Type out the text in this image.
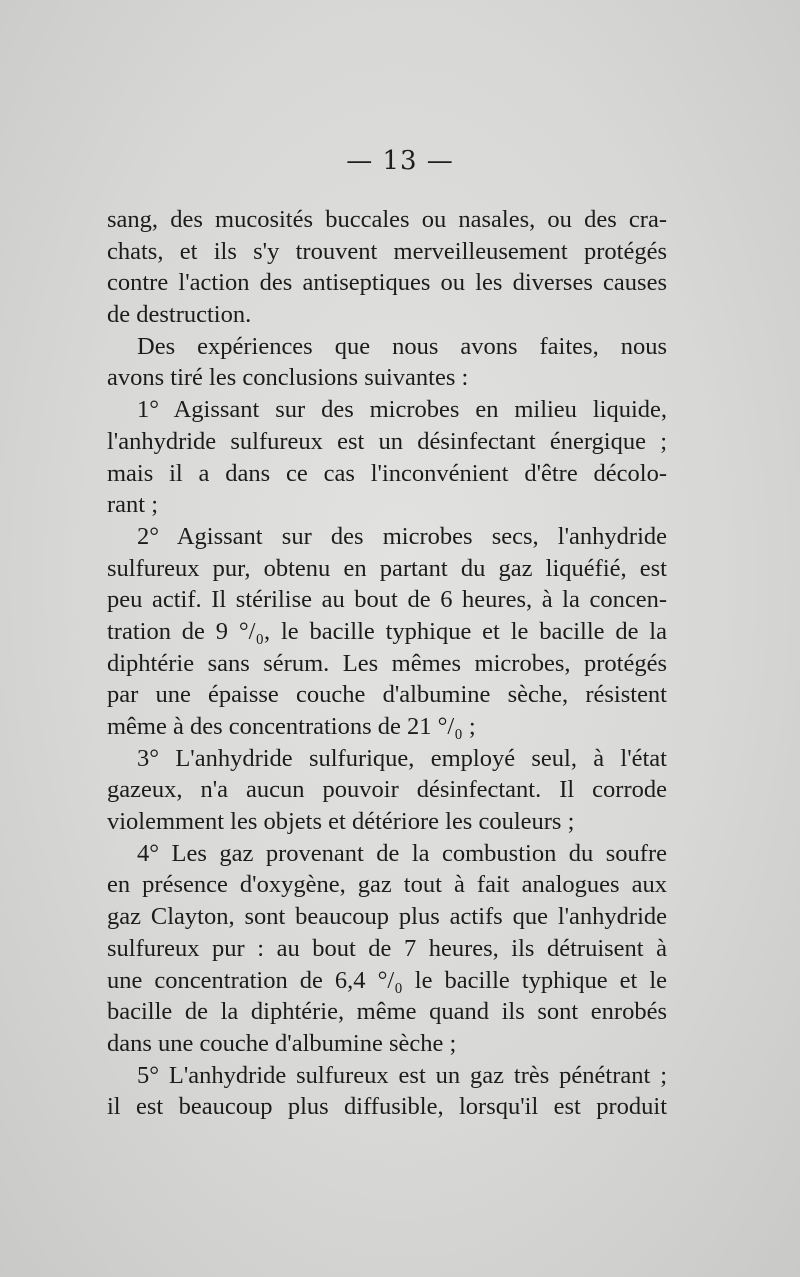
— 13 —
sang, des mucosités buccales ou nasales, ou des cra-
chats, et ils s'y trouvent merveilleusement protégés
contre l'action des antiseptiques ou les diverses causes
de destruction.
Des expériences que nous avons faites, nous
avons tiré les conclusions suivantes :
1° Agissant sur des microbes en milieu liquide,
l'anhydride sulfureux est un désinfectant énergique ;
mais il a dans ce cas l'inconvénient d'être décolo-
rant ;
2° Agissant sur des microbes secs, l'anhydride
sulfureux pur, obtenu en partant du gaz liquéfié, est
peu actif. Il stérilise au bout de 6 heures, à la concen-
tration de 9 °/₀, le bacille typhique et le bacille de la
diphtérie sans sérum. Les mêmes microbes, protégés
par une épaisse couche d'albumine sèche, résistent
même à des concentrations de 21 °/₀ ;
3° L'anhydride sulfurique, employé seul, à l'état
gazeux, n'a aucun pouvoir désinfectant. Il corrode
violemment les objets et détériore les couleurs ;
4° Les gaz provenant de la combustion du soufre
en présence d'oxygène, gaz tout à fait analogues aux
gaz Clayton, sont beaucoup plus actifs que l'anhydride
sulfureux pur : au bout de 7 heures, ils détruisent à
une concentration de 6,4 °/₀ le bacille typhique et le
bacille de la diphtérie, même quand ils sont enrobés
dans une couche d'albumine sèche ;
5° L'anhydride sulfureux est un gaz très pénétrant ;
il est beaucoup plus diffusible, lorsqu'il est produit
